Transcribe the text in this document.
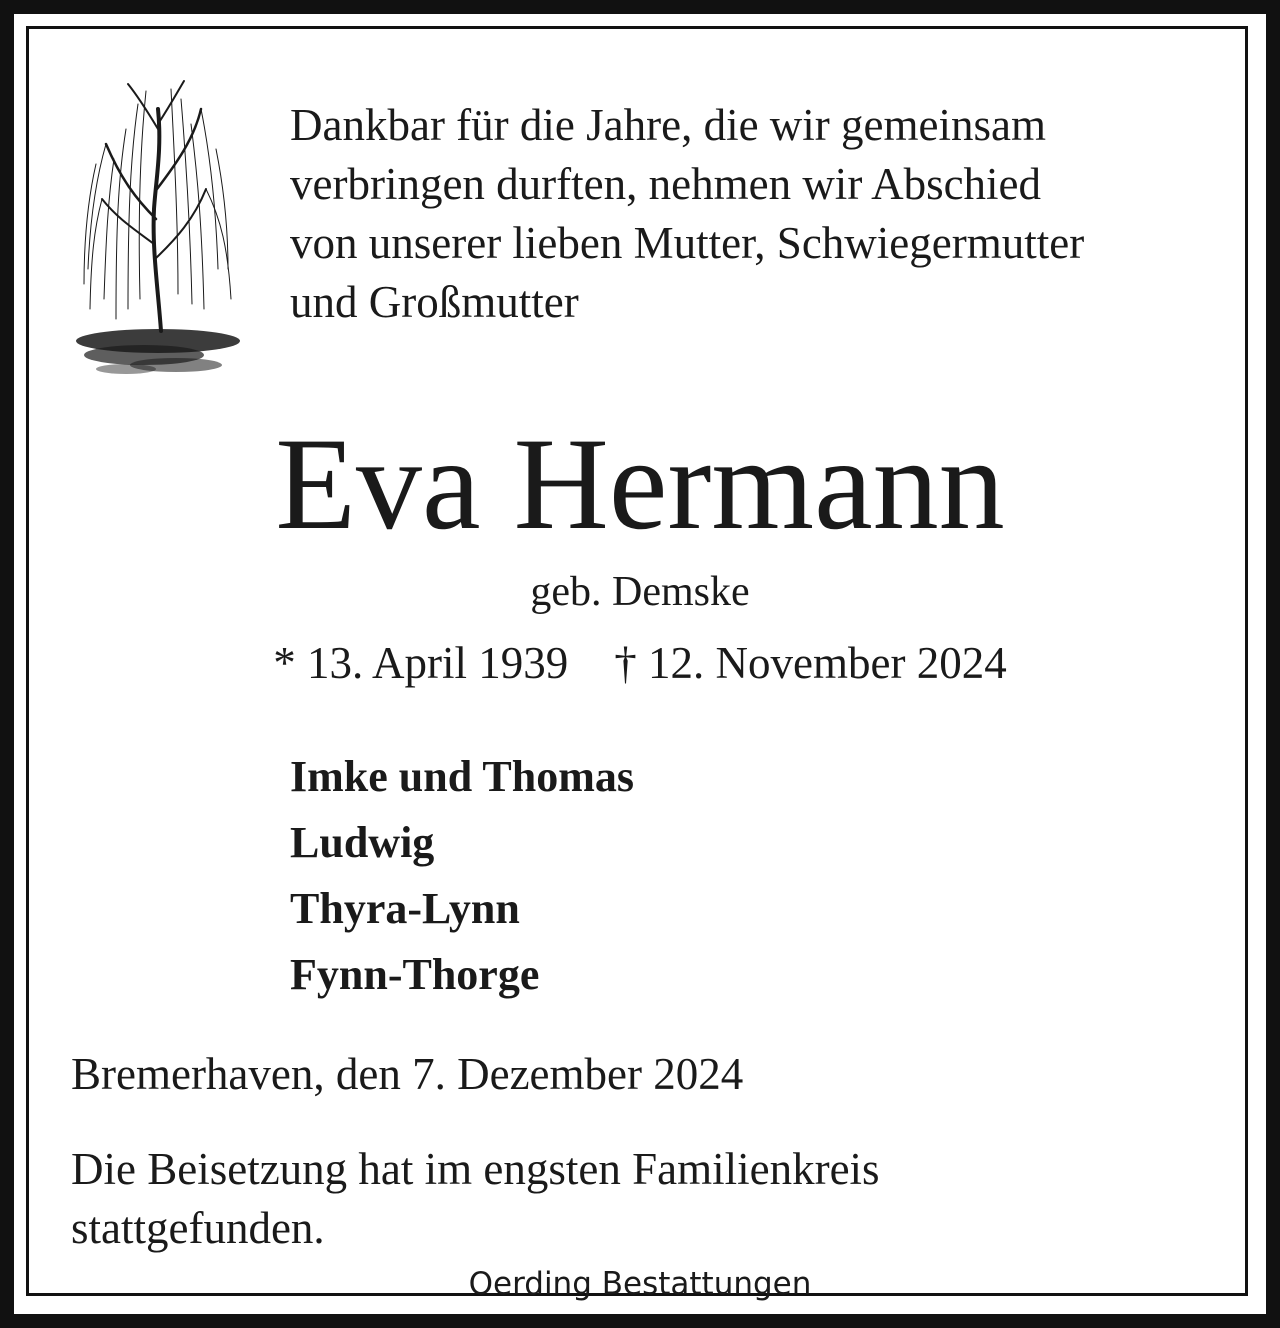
Dankbar für die Jahre, die wir gemeinsam
verbringen durften, nehmen wir Abschied
von unserer lieben Mutter, Schwiegermutter
und Großmutter

Eva Hermann
geb. Demske
* 13. April 1939 † 12. November 2024
Imke und Thomas
Ludwig
Thyra-Lynn
Fynn-Thorge
Bremerhaven, den 7. Dezember 2024
Die Beisetzung hat im engsten Familienkreis
stattgefunden.
Oerding Bestattungen
